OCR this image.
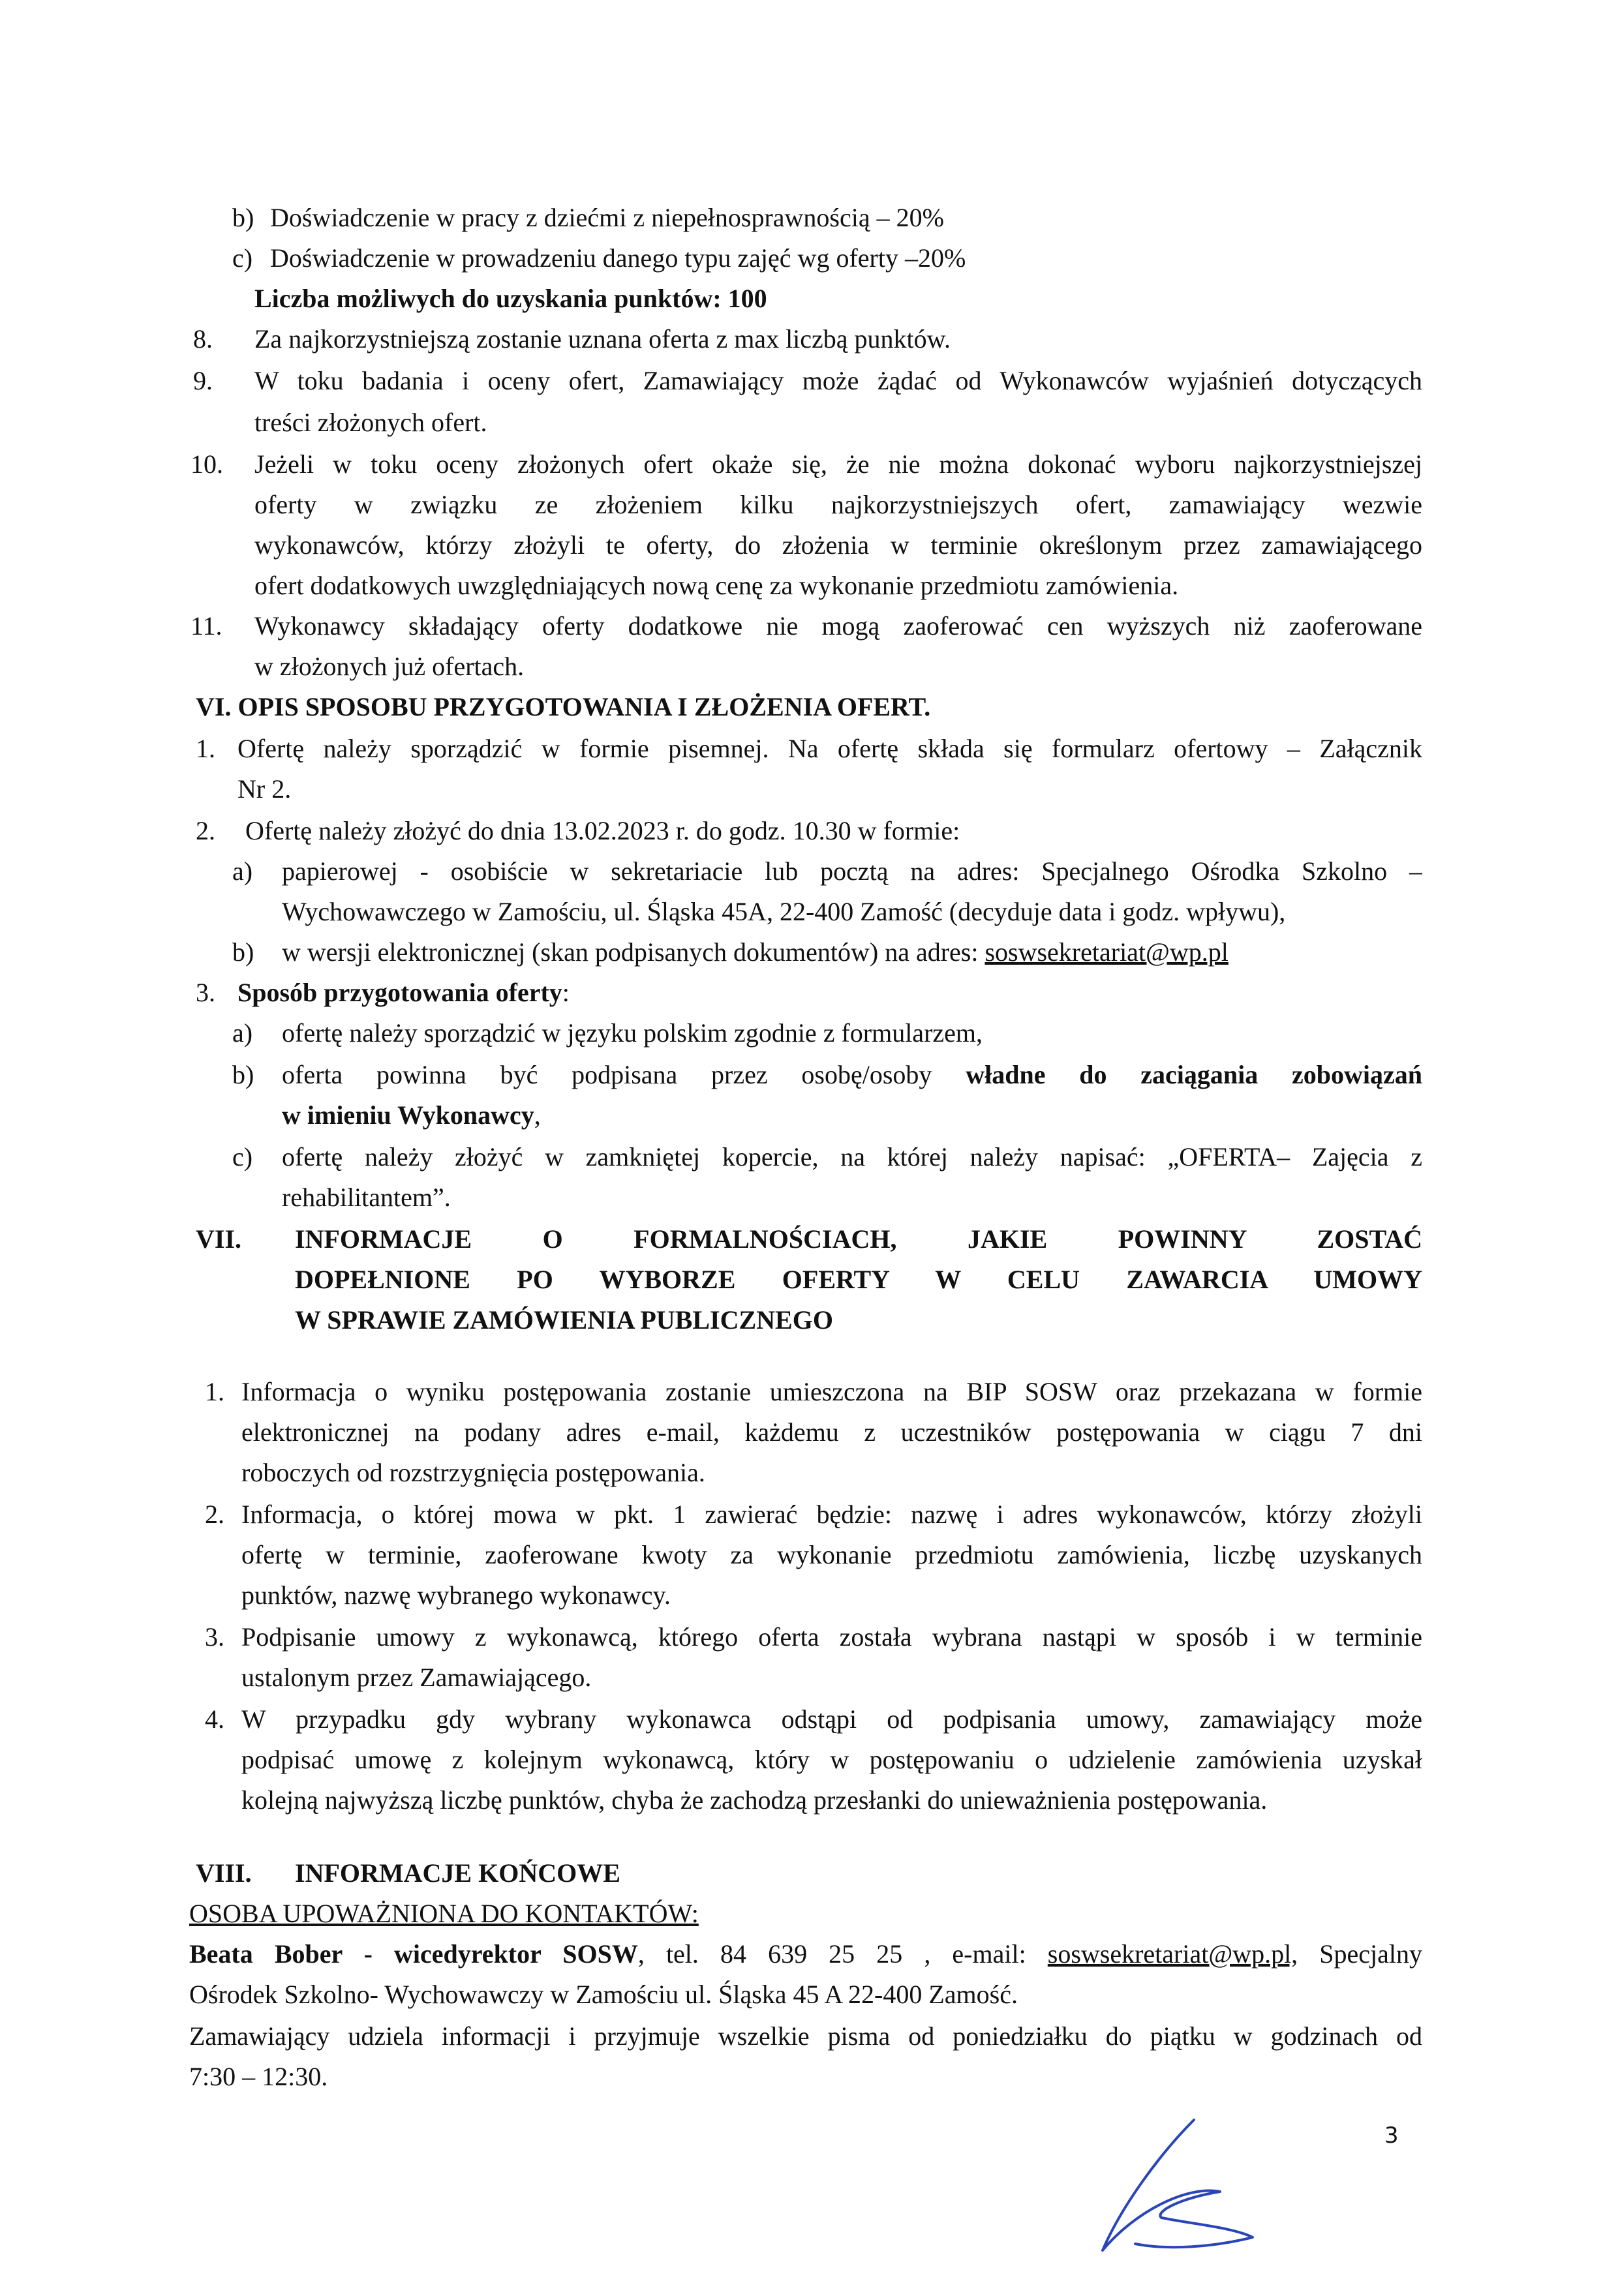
b) Doświadczenie w pracy z dziećmi z niepełnosprawnością – 20%
c) Doświadczenie w prowadzeniu danego typu zajęć wg oferty –20%
Liczba możliwych do uzyskania punktów: 100
8. Za najkorzystniejszą zostanie uznana oferta z max liczbą punktów.
9. W toku badania i oceny ofert, Zamawiający może żądać od Wykonawców wyjaśnień dotyczących
treści złożonych ofert.
10. Jeżeli w toku oceny złożonych ofert okaże się, że nie można dokonać wyboru najkorzystniejszej
oferty w związku ze złożeniem kilku najkorzystniejszych ofert, zamawiający wezwie
wykonawców, którzy złożyli te oferty, do złożenia w terminie określonym przez zamawiającego
ofert dodatkowych uwzględniających nową cenę za wykonanie przedmiotu zamówienia.
11. Wykonawcy składający oferty dodatkowe nie mogą zaoferować cen wyższych niż zaoferowane
w złożonych już ofertach.
VI. OPIS SPOSOBU PRZYGOTOWANIA I ZŁOŻENIA OFERT.
1. Ofertę należy sporządzić w formie pisemnej. Na ofertę składa się formularz ofertowy – Załącznik
Nr 2.
2. Ofertę należy złożyć do dnia 13.02.2023 r. do godz. 10.30 w formie:
a) papierowej - osobiście w sekretariacie lub pocztą na adres: Specjalnego Ośrodka Szkolno –
Wychowawczego w Zamościu, ul. Śląska 45A, 22-400 Zamość (decyduje data i godz. wpływu),
b) w wersji elektronicznej (skan podpisanych dokumentów) na adres: soswsekretariat@wp.pl
3. Sposób przygotowania oferty:
a) ofertę należy sporządzić w języku polskim zgodnie z formularzem,
b) oferta powinna być podpisana przez osobę/osoby władne do zaciągania zobowiązań
w imieniu Wykonawcy,
c) ofertę należy złożyć w zamkniętej kopercie, na której należy napisać: „OFERTA– Zajęcia z
rehabilitantem”.
VII. INFORMACJE O FORMALNOŚCIACH, JAKIE POWINNY ZOSTAĆ
DOPEŁNIONE PO WYBORZE OFERTY W CELU ZAWARCIA UMOWY
W SPRAWIE ZAMÓWIENIA PUBLICZNEGO
1. Informacja o wyniku postępowania zostanie umieszczona na BIP SOSW oraz przekazana w formie
elektronicznej na podany adres e-mail, każdemu z uczestników postępowania w ciągu 7 dni
roboczych od rozstrzygnięcia postępowania.
2. Informacja, o której mowa w pkt. 1 zawierać będzie: nazwę i adres wykonawców, którzy złożyli
ofertę w terminie, zaoferowane kwoty za wykonanie przedmiotu zamówienia, liczbę uzyskanych
punktów, nazwę wybranego wykonawcy.
3. Podpisanie umowy z wykonawcą, którego oferta została wybrana nastąpi w sposób i w terminie
ustalonym przez Zamawiającego.
4. W przypadku gdy wybrany wykonawca odstąpi od podpisania umowy, zamawiający może
podpisać umowę z kolejnym wykonawcą, który w postępowaniu o udzielenie zamówienia uzyskał
kolejną najwyższą liczbę punktów, chyba że zachodzą przesłanki do unieważnienia postępowania.
VIII. INFORMACJE KOŃCOWE
OSOBA UPOWAŻNIONA DO KONTAKTÓW:
Beata Bober - wicedyrektor SOSW, tel. 84 639 25 25 , e-mail: soswsekretariat@wp.pl, Specjalny
Ośrodek Szkolno- Wychowawczy w Zamościu ul. Śląska 45 A 22-400 Zamość.
Zamawiający udziela informacji i przyjmuje wszelkie pisma od poniedziałku do piątku w godzinach od
7:30 – 12:30.
3
